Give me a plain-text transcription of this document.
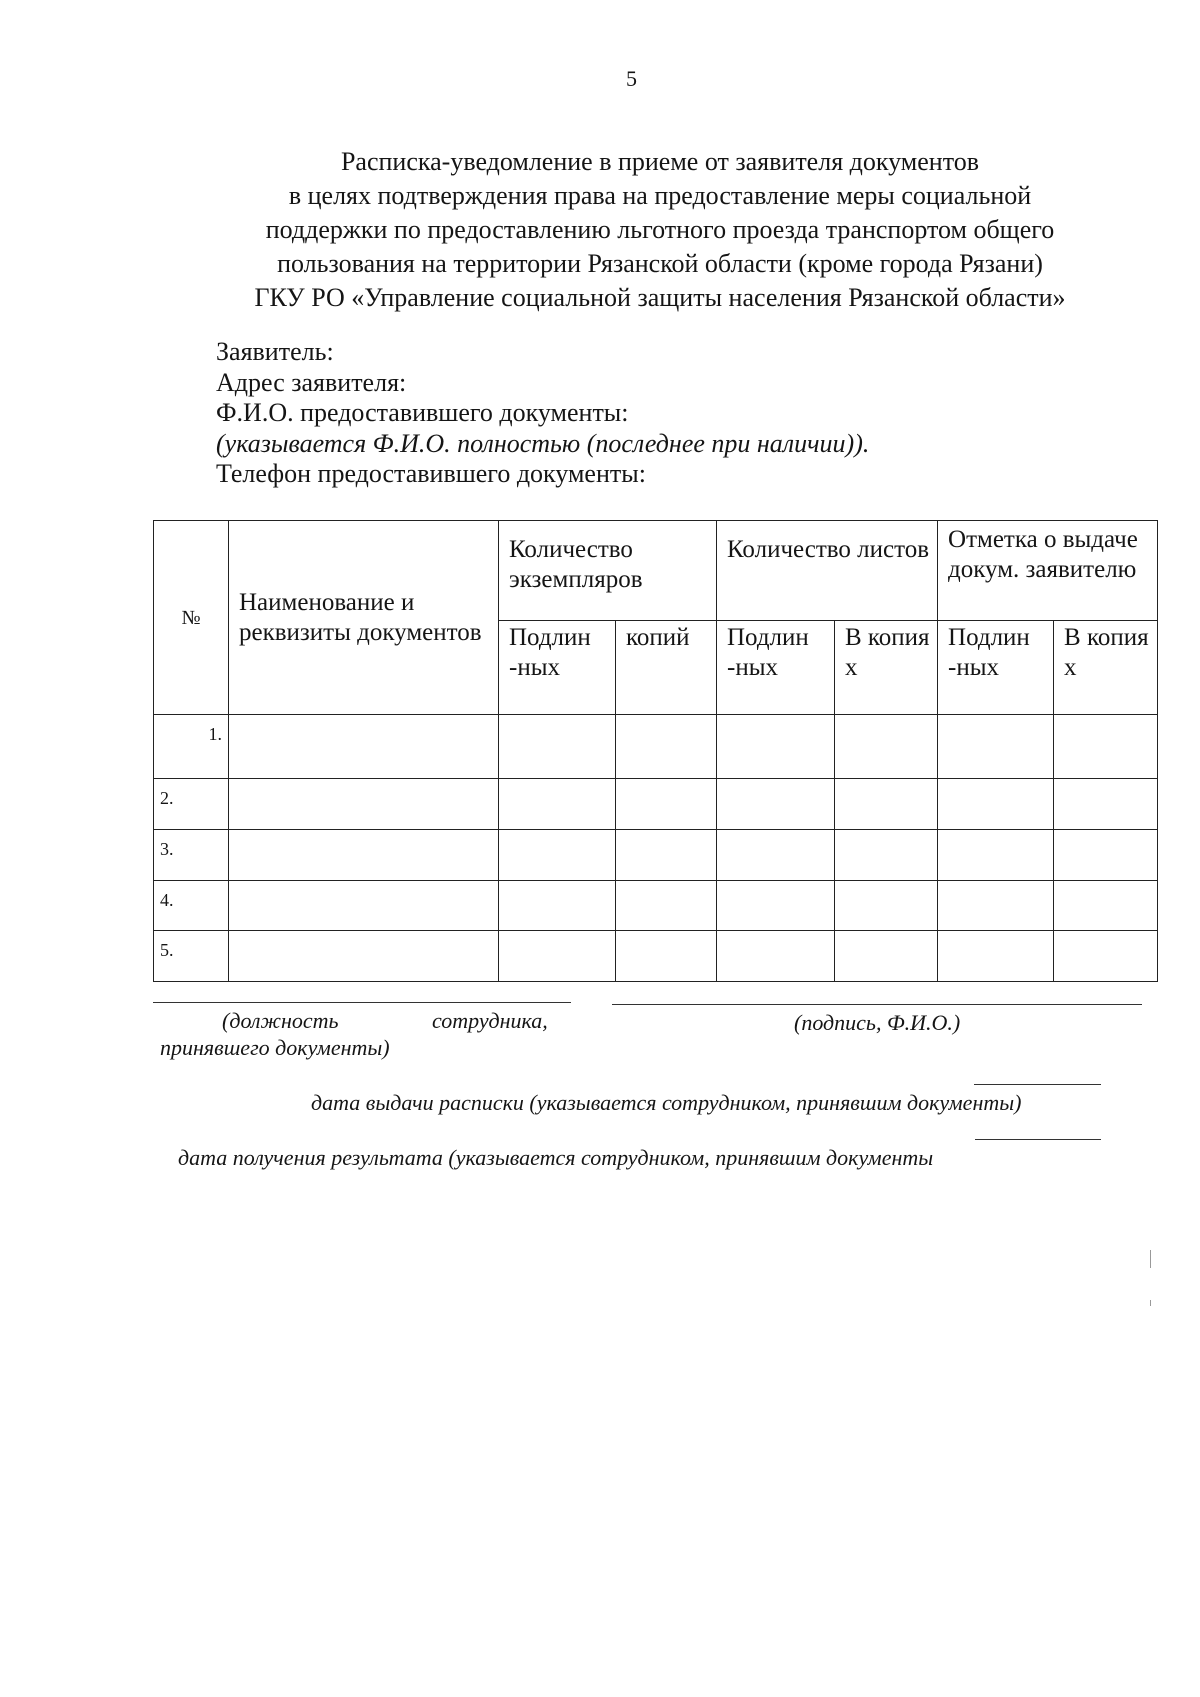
5
Расписка-уведомление в приеме от заявителя документов
в целях подтверждения права на предоставление меры социальной
поддержки по предоставлению льготного проезда транспортом общего
пользования на территории Рязанской области (кроме города Рязани)
ГКУ РО «Управление социальной защиты населения Рязанской области»
Заявитель:
Адрес заявителя:
Ф.И.О. предоставившего документы:
(указывается Ф.И.О. полностью (последнее при наличии)).
Телефон предоставившего документы:
№	Наименование и реквизиты документов	Количество экземпляров		Количество листов		Отметка о выдаче докум. заявителю	
		Подлин -ных	копий	Подлин -ных	В копия х	Подлин -ных	В копия х
1.							
2.							
3.							
4.							
5.							
(должность	сотрудника,
принявшего документы)
(подпись, Ф.И.О.)
дата выдачи расписки (указывается сотрудником, принявшим документы)
дата получения результата (указывается сотрудником, принявшим документы
